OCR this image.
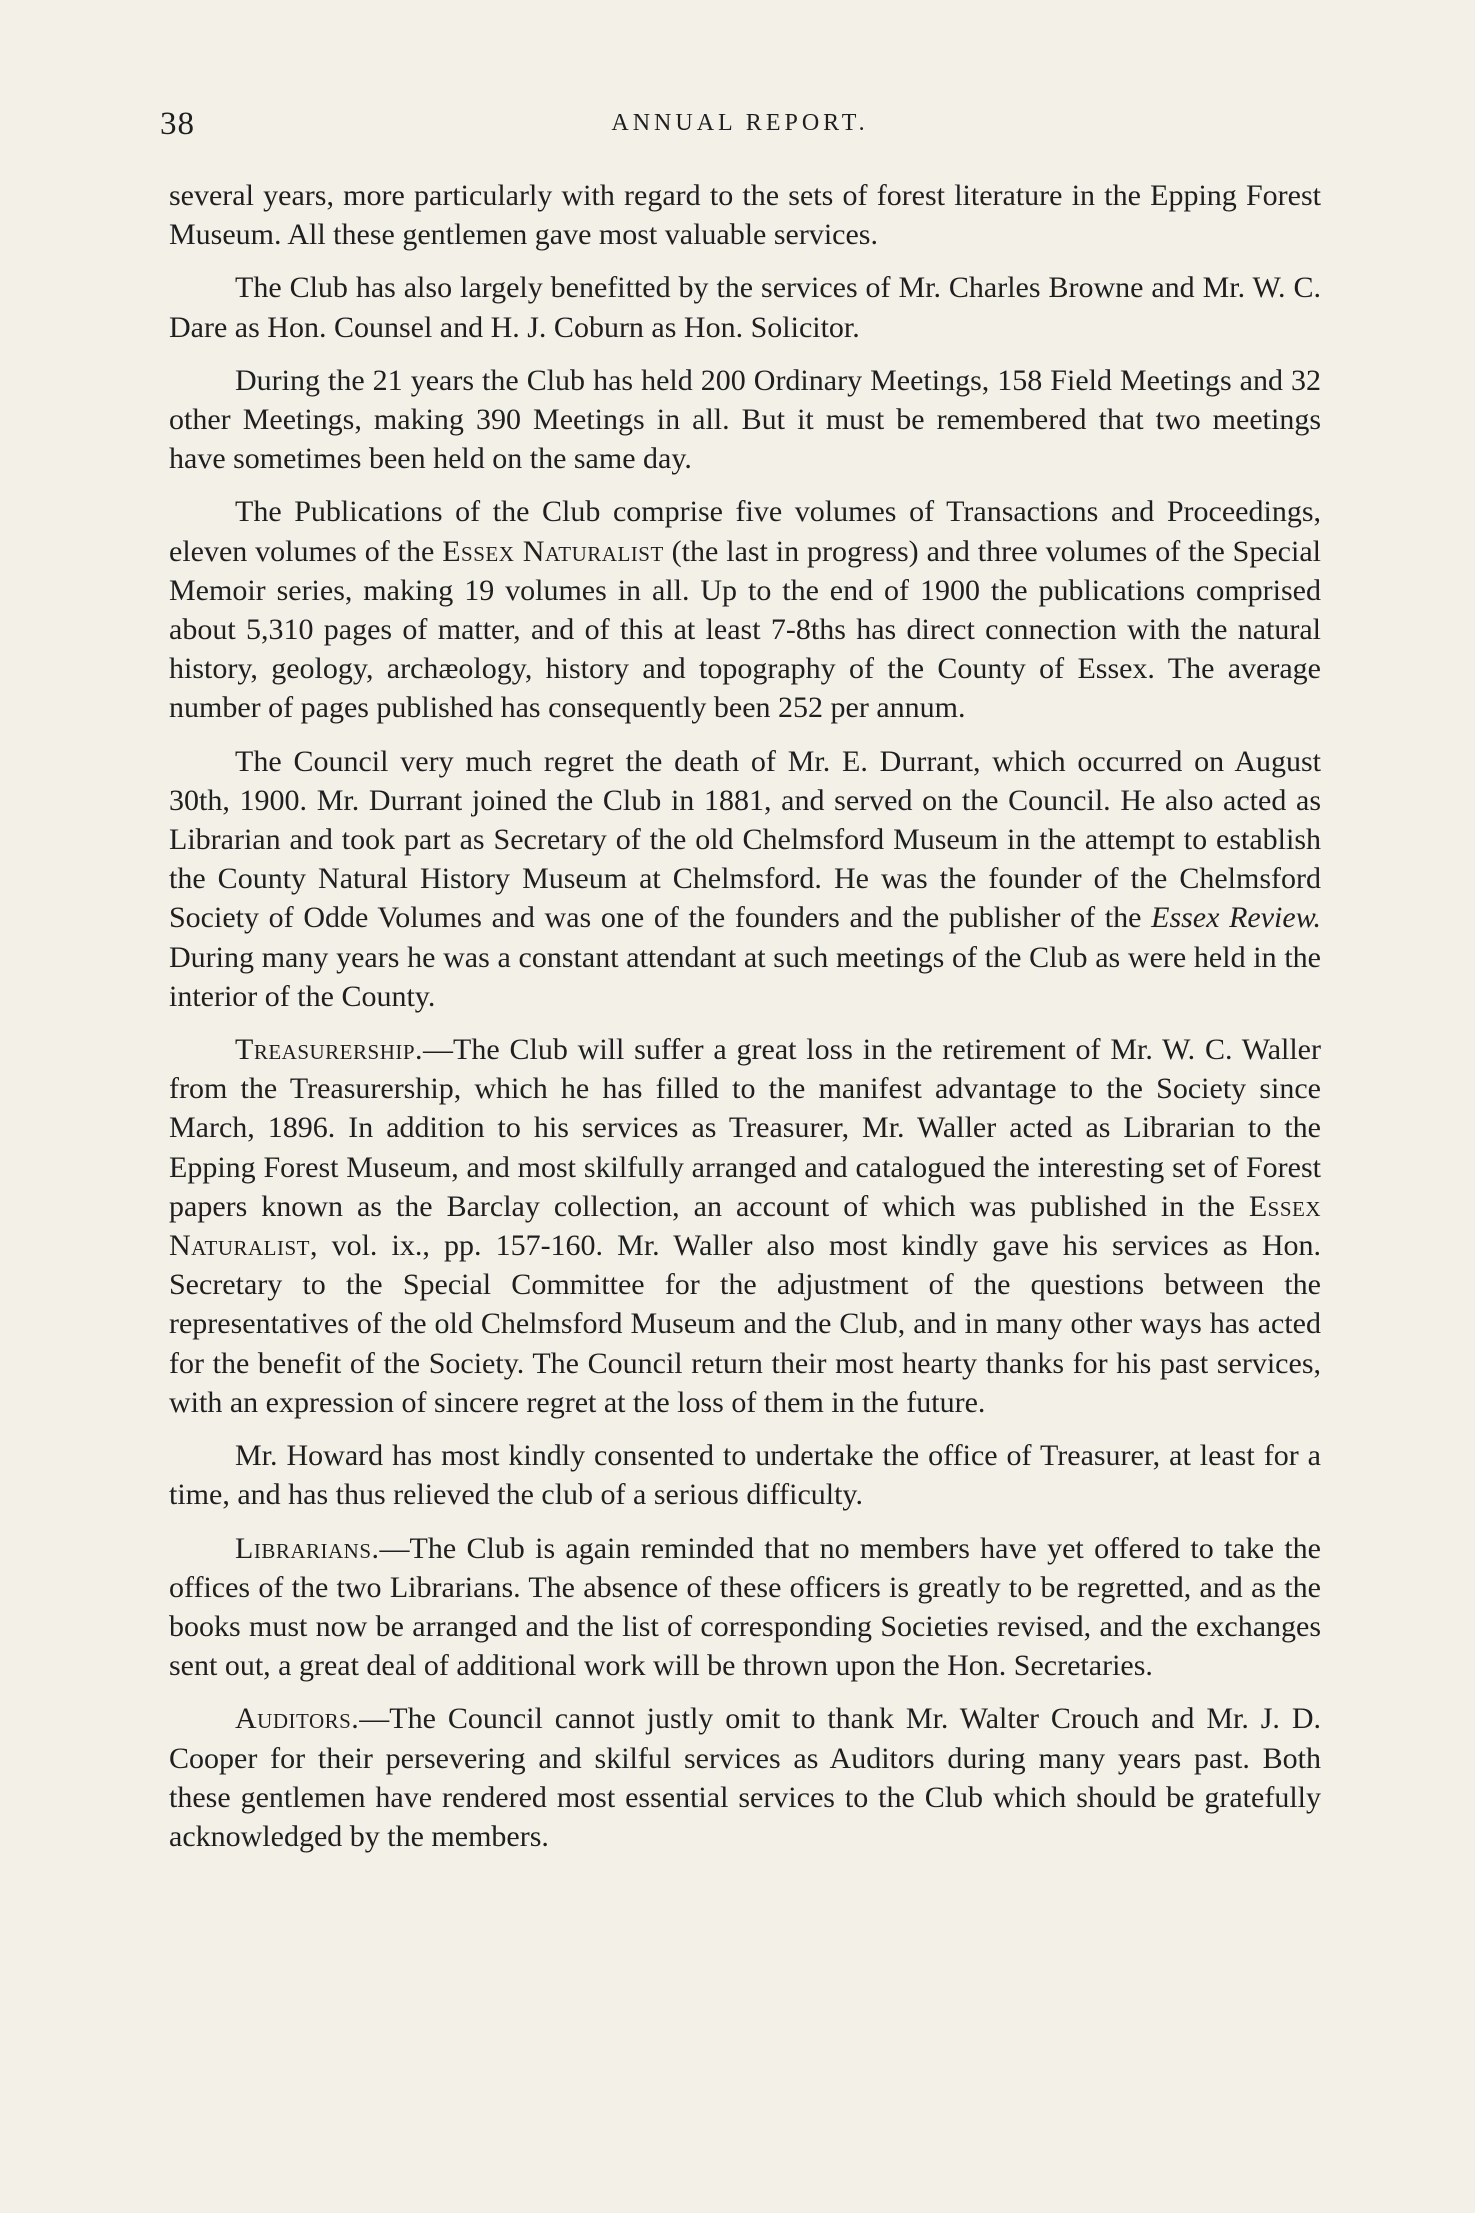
38	ANNUAL REPORT.

several years, more particularly with regard to the sets of forest literature in the Epping Forest Museum. All these gentlemen gave most valuable services.

The Club has also largely benefitted by the services of Mr. Charles Browne and Mr. W. C. Dare as Hon. Counsel and H. J. Coburn as Hon. Solicitor.

During the 21 years the Club has held 200 Ordinary Meetings, 158 Field Meetings and 32 other Meetings, making 390 Meetings in all. But it must be remembered that two meetings have sometimes been held on the same day.

The Publications of the Club comprise five volumes of Transactions and Proceedings, eleven volumes of the Essex Naturalist (the last in progress) and three volumes of the Special Memoir series, making 19 volumes in all. Up to the end of 1900 the publications comprised about 5,310 pages of matter, and of this at least 7-8ths has direct connection with the natural history, geology, archæology, history and topography of the County of Essex. The average number of pages published has consequently been 252 per annum.

The Council very much regret the death of Mr. E. Durrant, which occurred on August 30th, 1900. Mr. Durrant joined the Club in 1881, and served on the Council. He also acted as Librarian and took part as Secretary of the old Chelmsford Museum in the attempt to establish the County Natural History Museum at Chelmsford. He was the founder of the Chelmsford Society of Odde Volumes and was one of the founders and the publisher of the Essex Review. During many years he was a constant attendant at such meetings of the Club as were held in the interior of the County.

Treasurership.—The Club will suffer a great loss in the retirement of Mr. W. C. Waller from the Treasurership, which he has filled to the manifest advantage to the Society since March, 1896. In addition to his services as Treasurer, Mr. Waller acted as Librarian to the Epping Forest Museum, and most skilfully arranged and catalogued the interesting set of Forest papers known as the Barclay collection, an account of which was published in the Essex Naturalist, vol. ix., pp. 157-160. Mr. Waller also most kindly gave his services as Hon. Secretary to the Special Committee for the adjustment of the questions between the representatives of the old Chelmsford Museum and the Club, and in many other ways has acted for the benefit of the Society. The Council return their most hearty thanks for his past services, with an expression of sincere regret at the loss of them in the future.

Mr. Howard has most kindly consented to undertake the office of Treasurer, at least for a time, and has thus relieved the club of a serious difficulty.

Librarians.—The Club is again reminded that no members have yet offered to take the offices of the two Librarians. The absence of these officers is greatly to be regretted, and as the books must now be arranged and the list of corresponding Societies revised, and the exchanges sent out, a great deal of additional work will be thrown upon the Hon. Secretaries.

Auditors.—The Council cannot justly omit to thank Mr. Walter Crouch and Mr. J. D. Cooper for their persevering and skilful services as Auditors during many years past. Both these gentlemen have rendered most essential services to the Club which should be gratefully acknowledged by the members.
